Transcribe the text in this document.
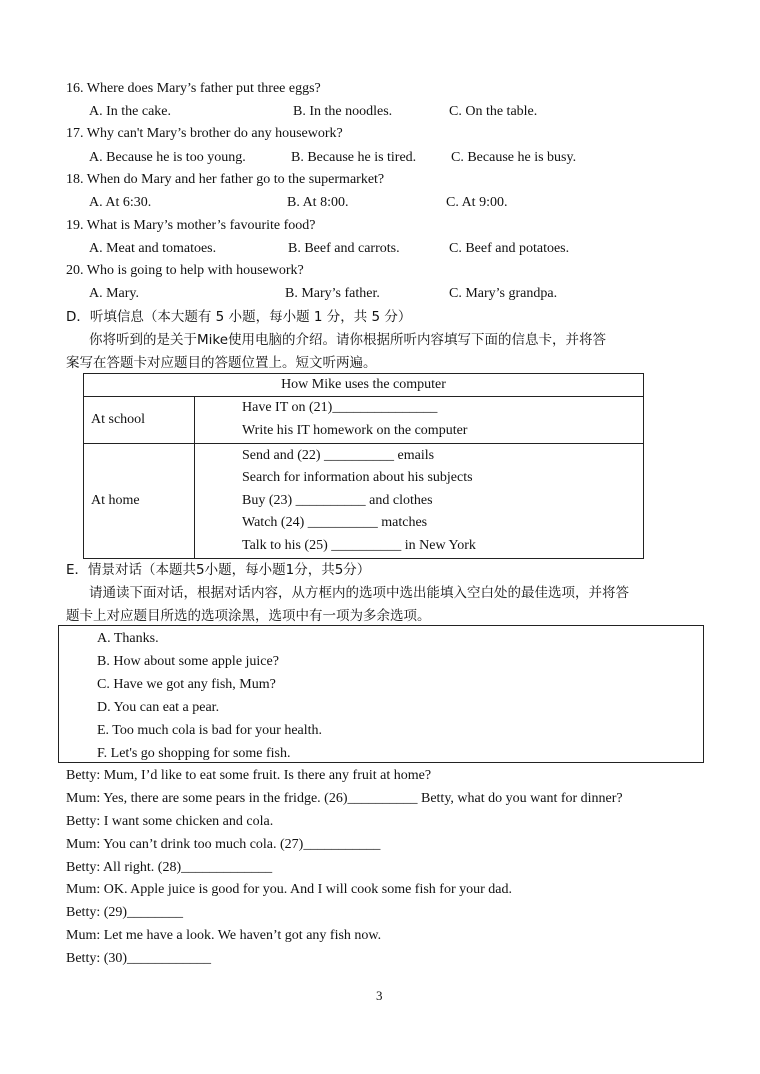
16. Where does Mary’s father put three eggs?
A. In the cake.	B. In the noodles.	C. On the table.
17. Why can't Mary’s brother do any housework?
A. Because he is too young.	B. Because he is tired. C. Because he is busy.
18. When do Mary and her father go to the supermarket?
A. At 6:30.	B. At 8:00.	C. At 9:00.
19. What is Mary’s mother’s favourite food?
A. Meat and tomatoes.	B. Beef and carrots.	C. Beef and potatoes.
20. Who is going to help with housework?
A. Mary.	B. Mary’s father.	C. Mary’s grandpa.
D．听填信息（本大题有 5 小题，每小题 1 分，共 5 分）
你将听到的是关于Mike使用电脑的介绍。请你根据所听内容填写下面的信息卡，并将答
案写在答题卡对应题目的答题位置上。短文听两遍。
How Mike uses the computer	
At school	Have IT on (21)_______________
Write his IT homework on the computer

At home	Send and (22) __________ emails
Search for information about his subjects
Buy (23) __________ and clothes
Watch (24) __________ matches
Talk to his (25) __________ in New York
E．情景对话（本题共5小题，每小题1分，共5分）
请通读下面对话，根据对话内容，从方框内的选项中选出能填入空白处的最佳选项，并将答
题卡上对应题目所选的选项涂黑，选项中有一项为多余选项。
A. Thanks.
B. How about some apple juice?
C. Have we got any fish, Mum?
D. You can eat a pear.
E. Too much cola is bad for your health.
F. Let's go shopping for some fish.
Betty: Mum, I’d like to eat some fruit. Is there any fruit at home?
Mum: Yes, there are some pears in the fridge. (26)__________ Betty, what do you want for dinner?
Betty: I want some chicken and cola.
Mum: You can’t drink too much cola. (27)___________
Betty: All right. (28)_____________
Mum: OK. Apple juice is good for you. And I will cook some fish for your dad.
Betty: (29)________
Mum: Let me have a look. We haven’t got any fish now.
Betty: (30)____________
3
